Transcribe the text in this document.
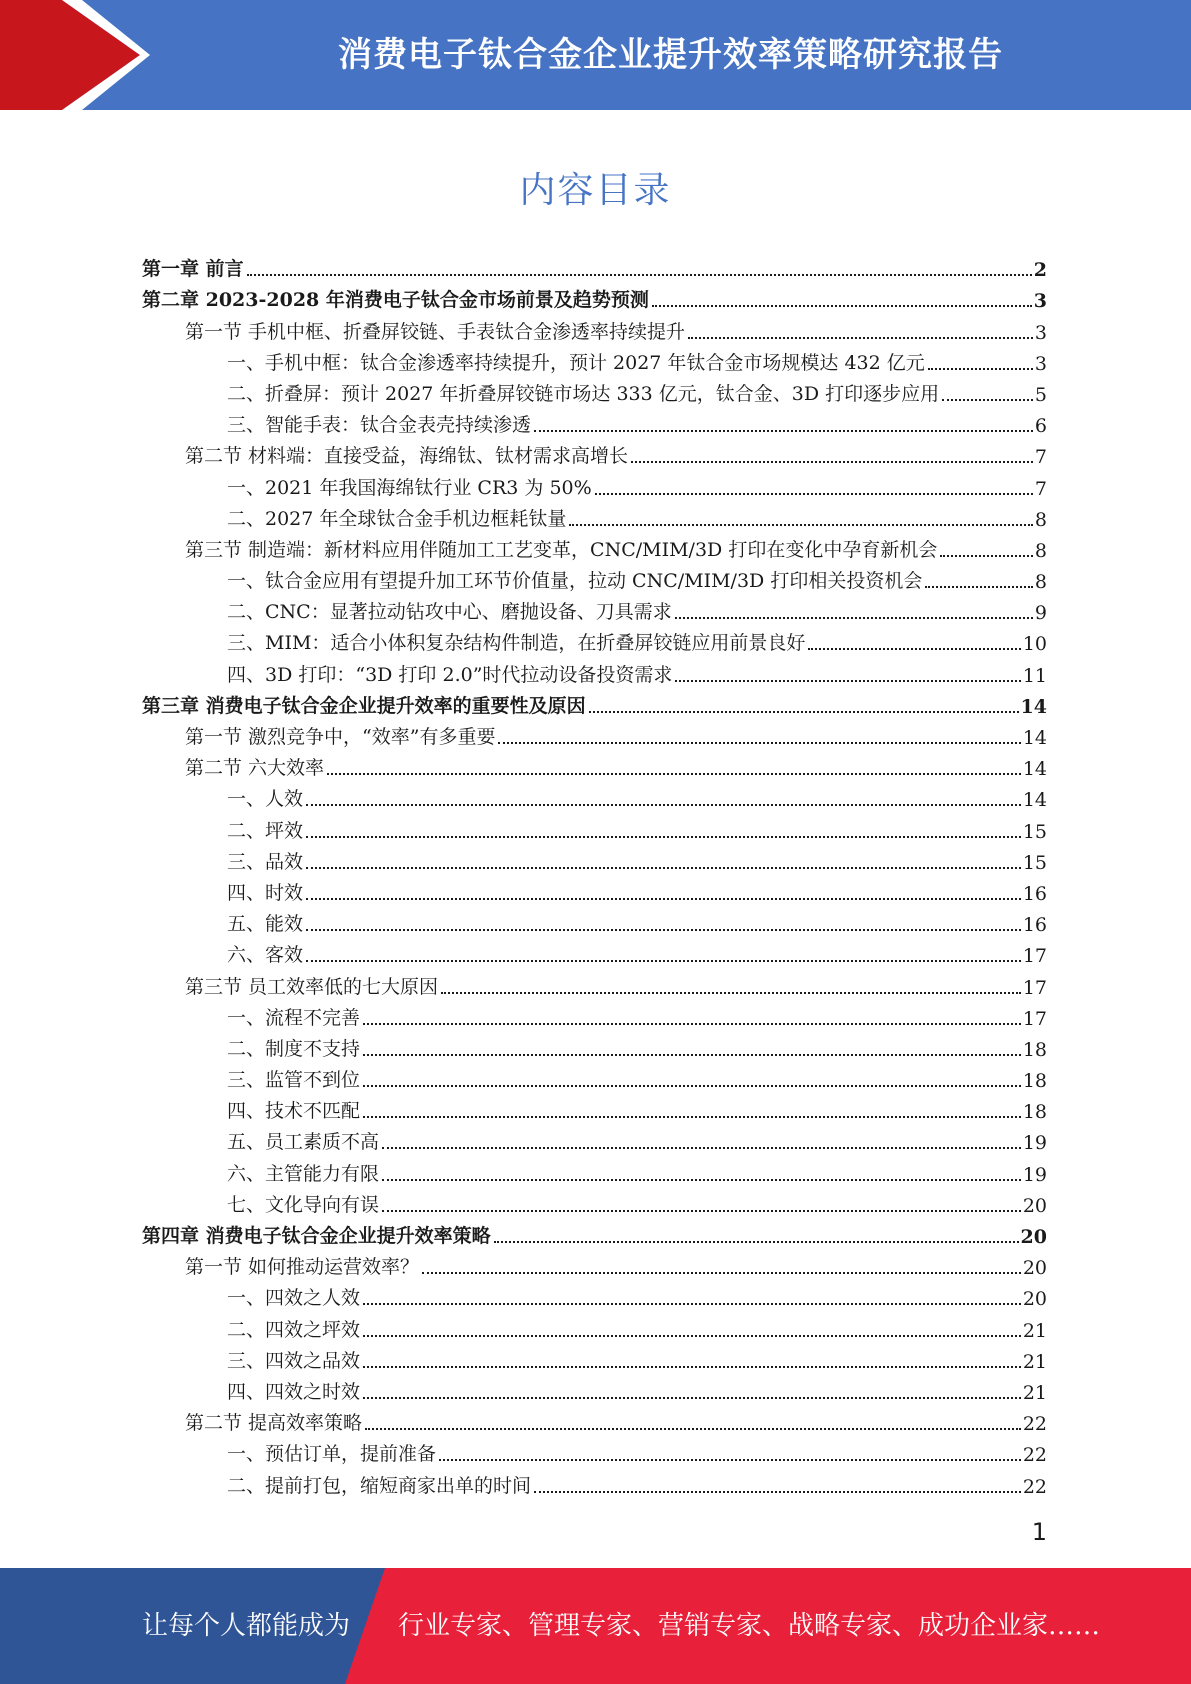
消费电子钛合金企业提升效率策略研究报告
内容目录
第一章 前言	2
第二章 2023-2028 年消费电子钛合金市场前景及趋势预测	3
第一节 手机中框、折叠屏铰链、手表钛合金渗透率持续提升	3
一、手机中框：钛合金渗透率持续提升，预计 2027 年钛合金市场规模达 432 亿元	3
二、折叠屏：预计 2027 年折叠屏铰链市场达 333 亿元，钛合金、3D 打印逐步应用	5
三、智能手表：钛合金表壳持续渗透	6
第二节 材料端：直接受益，海绵钛、钛材需求高增长	7
一、2021 年我国海绵钛行业 CR3 为 50%	7
二、2027 年全球钛合金手机边框耗钛量	8
第三节 制造端：新材料应用伴随加工工艺变革，CNC/MIM/3D 打印在变化中孕育新机会	8
一、钛合金应用有望提升加工环节价值量，拉动 CNC/MIM/3D 打印相关投资机会	8
二、CNC：显著拉动钻攻中心、磨抛设备、刀具需求	9
三、MIM：适合小体积复杂结构件制造，在折叠屏铰链应用前景良好	10
四、3D 打印：“3D 打印 2.0”时代拉动设备投资需求	11
第三章 消费电子钛合金企业提升效率的重要性及原因	14
第一节 激烈竞争中，“效率”有多重要	14
第二节 六大效率	14
一、人效	14
二、坪效	15
三、品效	15
四、时效	16
五、能效	16
六、客效	17
第三节 员工效率低的七大原因	17
一、流程不完善	17
二、制度不支持	18
三、监管不到位	18
四、技术不匹配	18
五、员工素质不高	19
六、主管能力有限	19
七、文化导向有误	20
第四章 消费电子钛合金企业提升效率策略	20
第一节 如何推动运营效率？	20
一、四效之人效	20
二、四效之坪效	21
三、四效之品效	21
四、四效之时效	21
第二节 提高效率策略	22
一、预估订单，提前准备	22
二、提前打包，缩短商家出单的时间	22
1
让每个人都能成为 行业专家、管理专家、营销专家、战略专家、成功企业家……
